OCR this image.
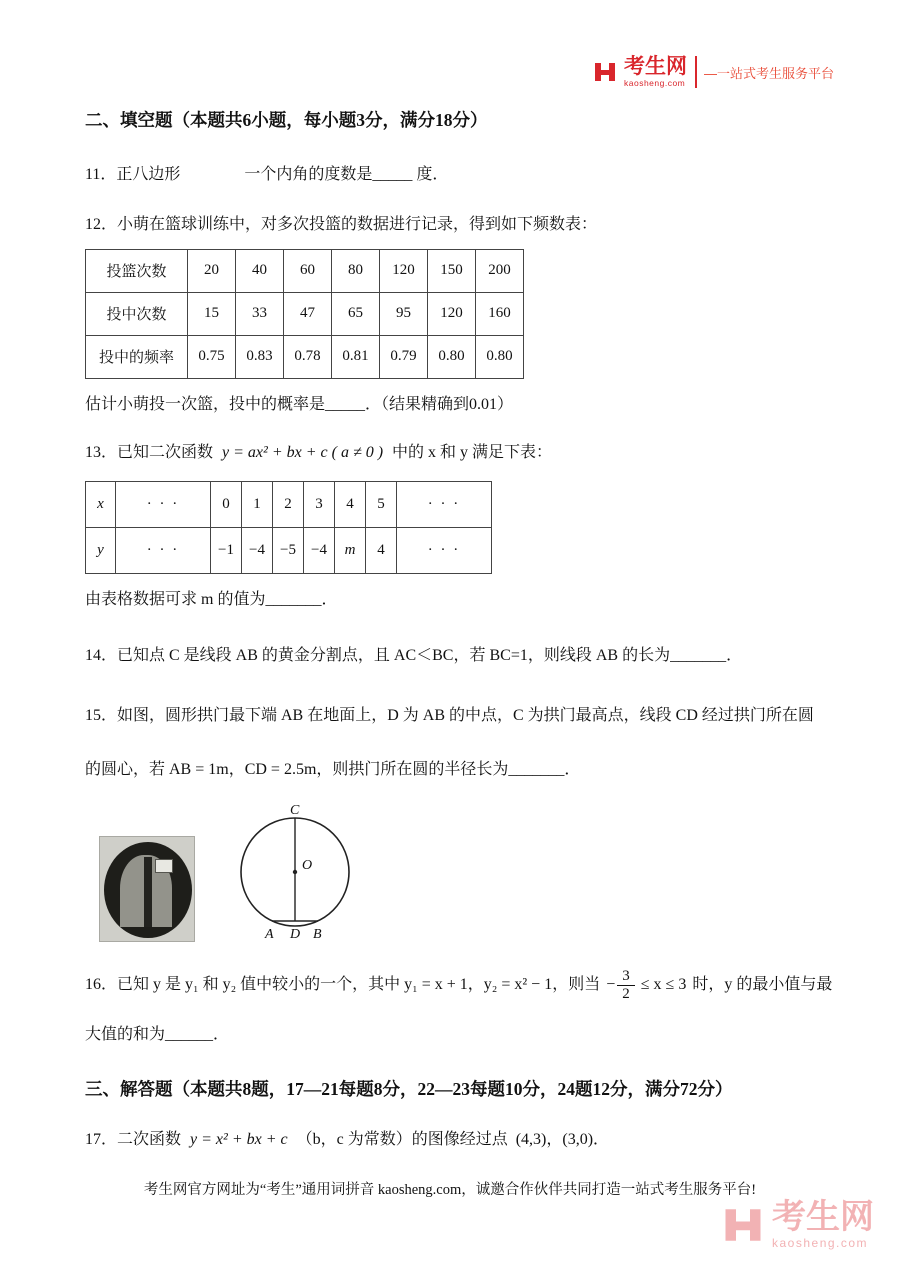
考生网
kaosheng.com
—一站式考生服务平台
二、填空题（本题共6小题，每小题3分，满分18分）

11．正八边形　　　　一个内角的度数是_____ 度．

12．小萌在篮球训练中，对多次投篮的数据进行记录，得到如下频数表：

投篮次数	20	40	60	80	120	150	200
投中次数	15	33	47	65	95	120	160
投中的频率	0.75	0.83	0.78	0.81	0.79	0.80	0.80

估计小萌投一次篮，投中的概率是_____．（结果精确到0.01）

13．已知二次函数 y = ax² + bx + c ( a ≠ 0 ) 中的 x 和 y 满足下表：

x	· · ·	0	1	2	3	4	5	· · ·
y	· · ·	−1	−4	−5	−4	m	4	· · ·

由表格数据可求 m 的值为_______．

14．已知点 C 是线段 AB 的黄金分割点，且 AC＜BC，若 BC=1，则线段 AB 的长为_______．

15．如图，圆形拱门最下端 AB 在地面上，D 为 AB 的中点，C 为拱门最高点，线段 CD 经过拱门所在圆

的圆心，若 AB = 1m，CD = 2.5m，则拱门所在圆的半径长为_______．

C
O
A D B

16．已知 y 是 y₁ 和 y₂ 值中较小的一个，其中 y₁ = x + 1，y₂ = x² − 1，则当 − $\frac{3}{2} \le x \le 3$ 时，y 的最小值与最

大值的和为______．

三、解答题（本题共8题，17—21每题8分，22—23每题10分，24题12分，满分72分）

17．二次函数 y = x² + bx + c （b，c 为常数）的图像经过点 (4,3)，(3,0)．

考生网官方网址为“考生”通用词拼音 kaosheng.com，诚邀合作伙伴共同打造一站式考生服务平台!

考生网
kaosheng.com
